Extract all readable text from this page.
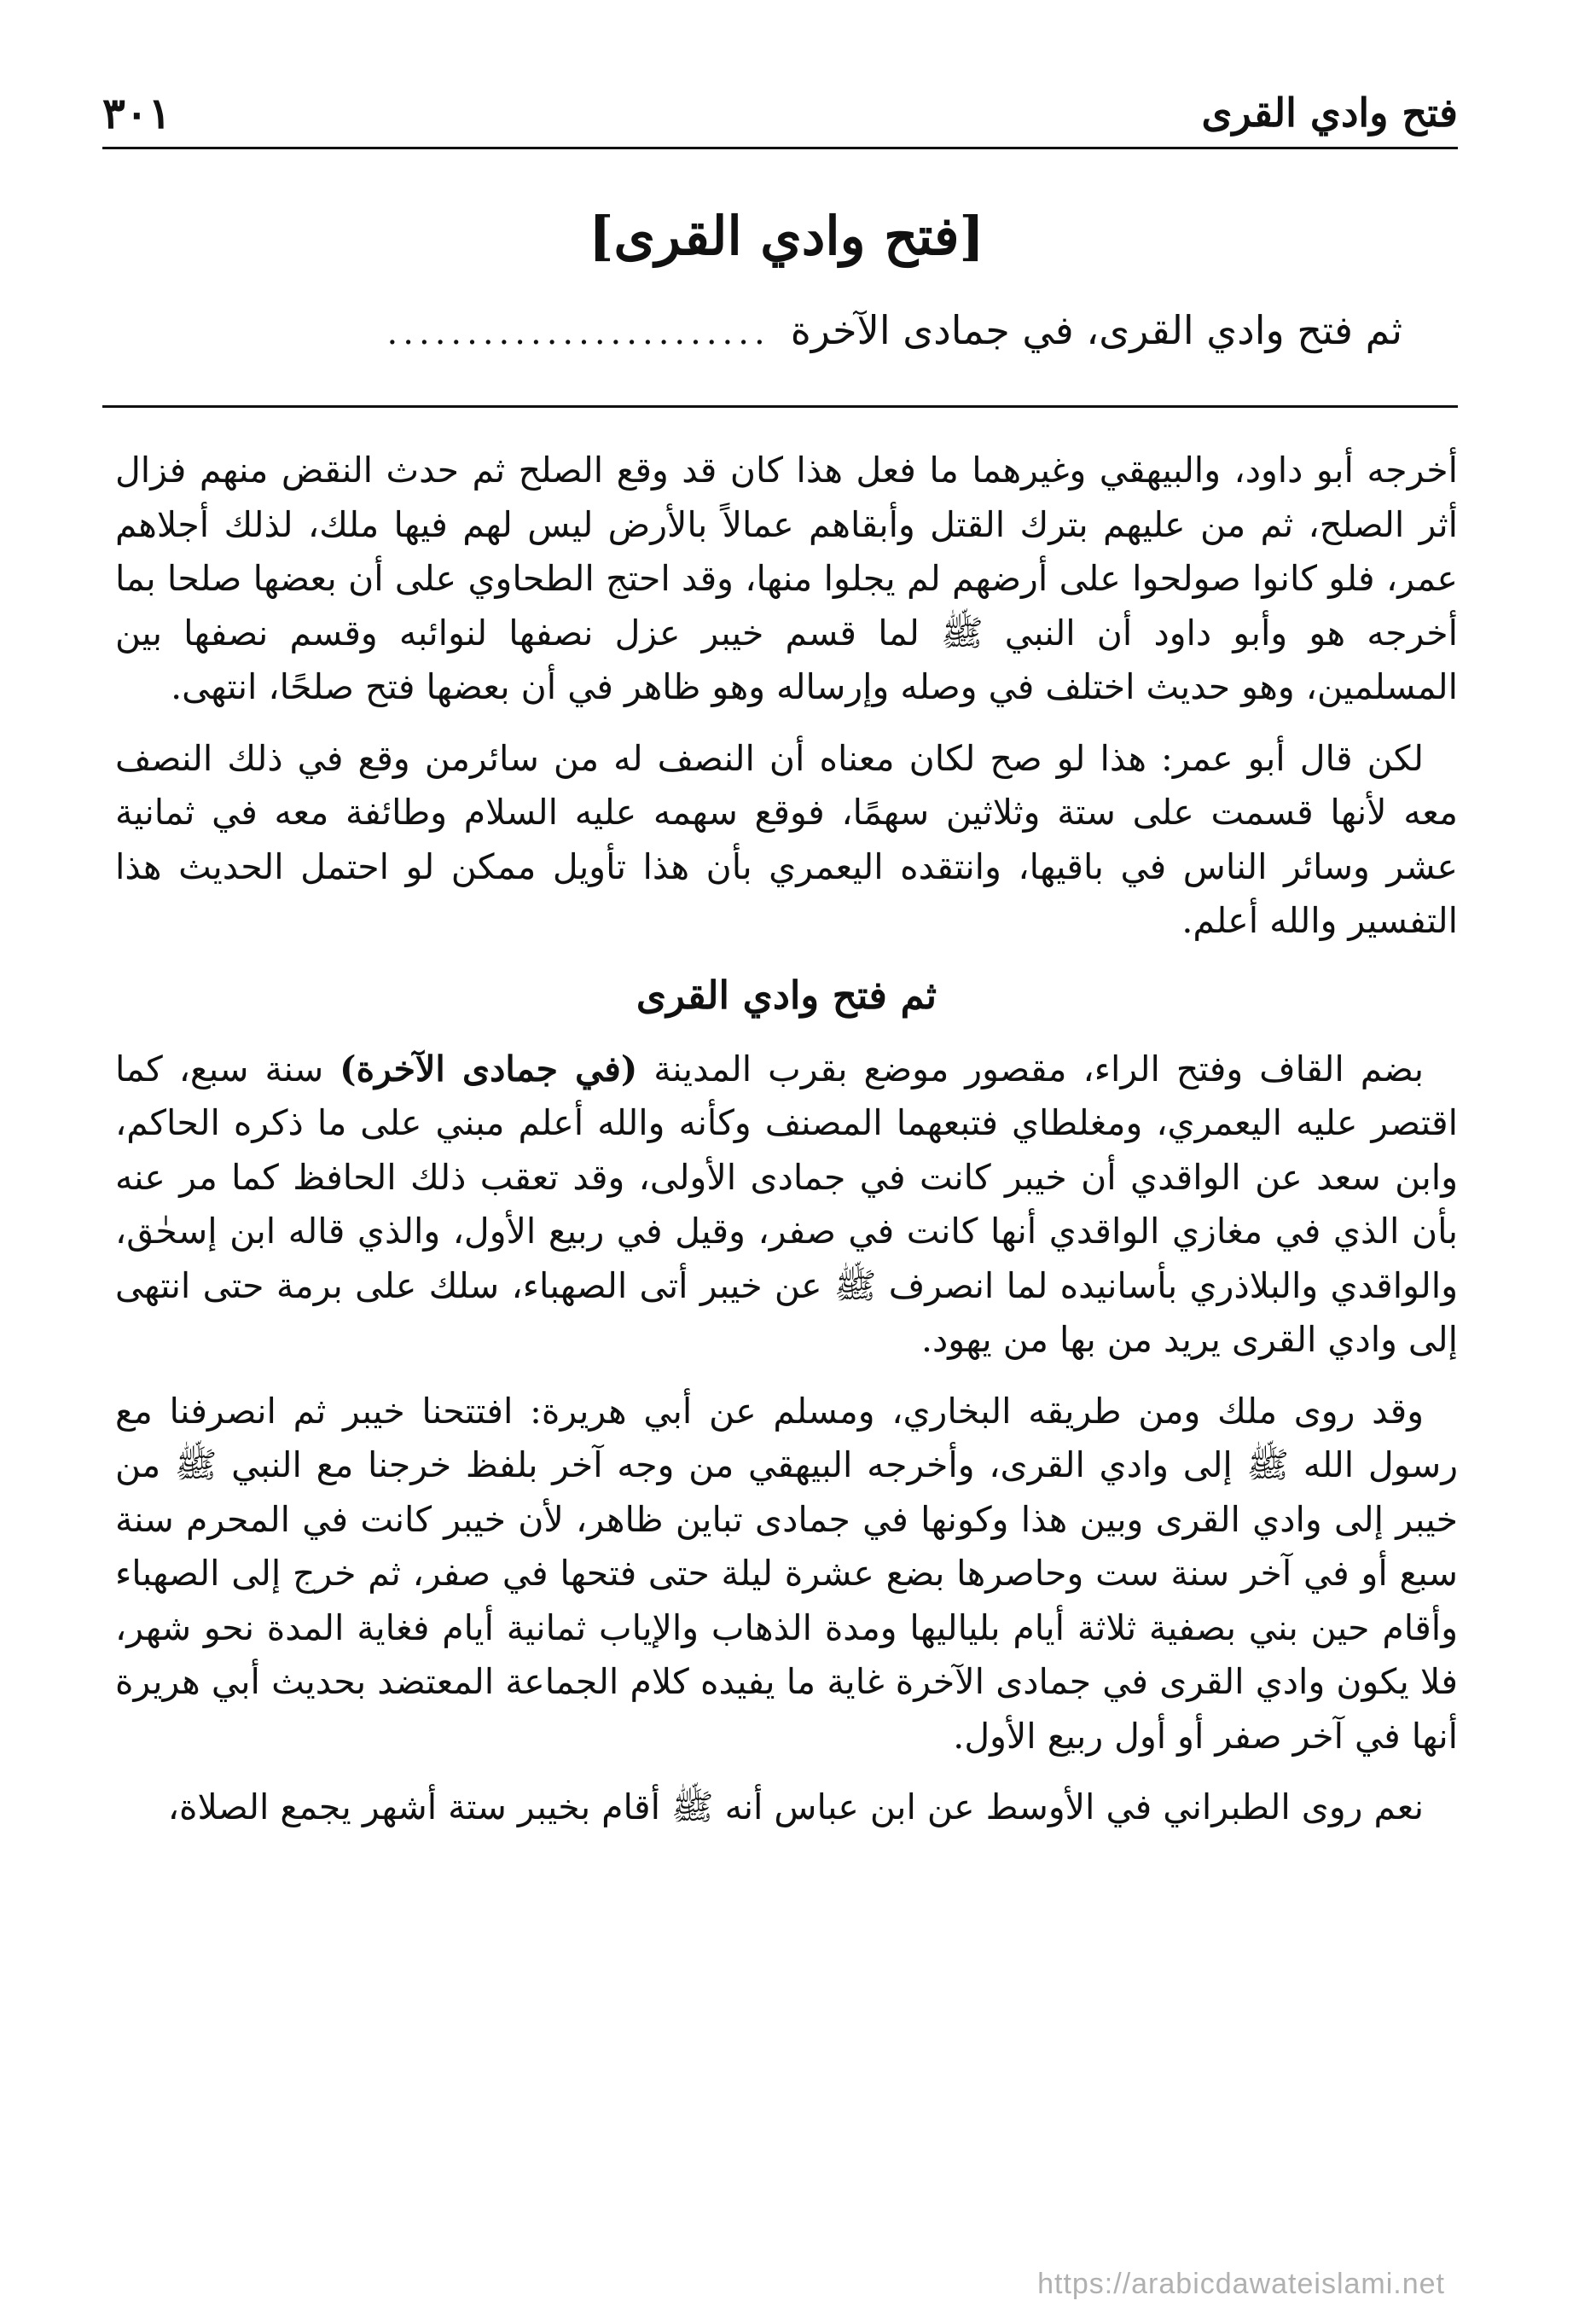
فتح وادي القرى
٣٠١
[فتح وادي القرى]
ثم فتح وادي القرى، في جمادى الآخرة
........................

أخرجه أبو داود، والبيهقي وغيرهما ما فعل هذا كان قد وقع الصلح ثم حدث النقض منهم فزال أثر الصلح، ثم من عليهم بترك القتل وأبقاهم عمالاً بالأرض ليس لهم فيها ملك، لذلك أجلاهم عمر، فلو كانوا صولحوا على أرضهم لم يجلوا منها، وقد احتج الطحاوي على أن بعضها صلحا بما أخرجه هو وأبو داود أن النبي ﷺ لما قسم خيبر عزل نصفها لنوائبه وقسم نصفها بين المسلمين، وهو حديث اختلف في وصله وإرساله وهو ظاهر في أن بعضها فتح صلحًا، انتهى.

لكن قال أبو عمر: هذا لو صح لكان معناه أن النصف له من سائرمن وقع في ذلك النصف معه لأنها قسمت على ستة وثلاثين سهمًا، فوقع سهمه عليه السلام وطائفة معه في ثمانية عشر وسائر الناس في باقيها، وانتقده اليعمري بأن هذا تأويل ممكن لو احتمل الحديث هذا التفسير والله أعلم.

ثم فتح وادي القرى

بضم القاف وفتح الراء، مقصور موضع بقرب المدينة (في جمادى الآخرة) سنة سبع، كما اقتصر عليه اليعمري، ومغلطاي فتبعهما المصنف وكأنه والله أعلم مبني على ما ذكره الحاكم، وابن سعد عن الواقدي أن خيبر كانت في جمادى الأولى، وقد تعقب ذلك الحافظ كما مر عنه بأن الذي في مغازي الواقدي أنها كانت في صفر، وقيل في ربيع الأول، والذي قاله ابن إسحٰق، والواقدي والبلاذري بأسانيده لما انصرف ﷺ عن خيبر أتى الصهباء، سلك على برمة حتى انتهى إلى وادي القرى يريد من بها من يهود.

وقد روى ملك ومن طريقه البخاري، ومسلم عن أبي هريرة: افتتحنا خيبر ثم انصرفنا مع رسول الله ﷺ إلى وادي القرى، وأخرجه البيهقي من وجه آخر بلفظ خرجنا مع النبي ﷺ من خيبر إلى وادي القرى وبين هذا وكونها في جمادى تباين ظاهر، لأن خيبر كانت في المحرم سنة سبع أو في آخر سنة ست وحاصرها بضع عشرة ليلة حتى فتحها في صفر، ثم خرج إلى الصهباء وأقام حين بني بصفية ثلاثة أيام بلياليها ومدة الذهاب والإياب ثمانية أيام فغاية المدة نحو شهر، فلا يكون وادي القرى في جمادى الآخرة غاية ما يفيده كلام الجماعة المعتضد بحديث أبي هريرة أنها في آخر صفر أو أول ربيع الأول.

نعم روى الطبراني في الأوسط عن ابن عباس أنه ﷺ أقام بخيبر ستة أشهر يجمع الصلاة،

https://arabicdawateislami.net
